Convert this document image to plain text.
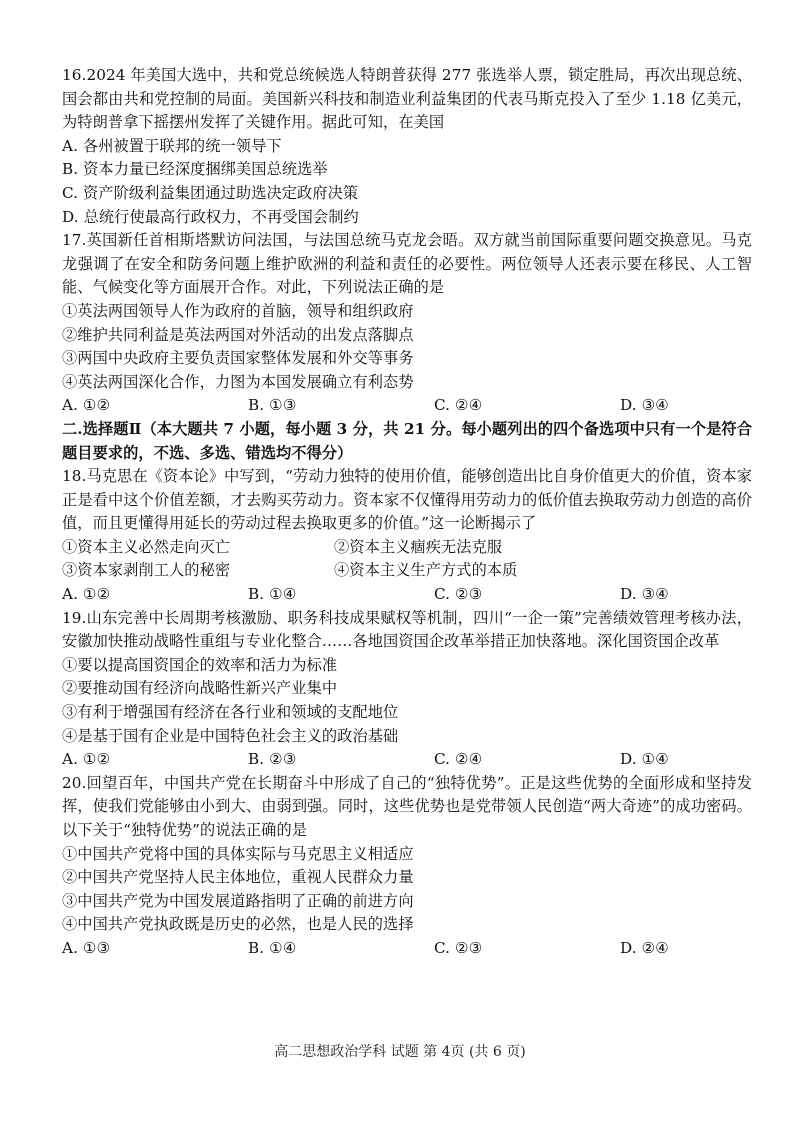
16.2024 年美国大选中，共和党总统候选人特朗普获得 277 张选举人票，锁定胜局，再次出现总统、国会都由共和党控制的局面。美国新兴科技和制造业利益集团的代表马斯克投入了至少 1.18 亿美元，为特朗普拿下摇摆州发挥了关键作用。据此可知，在美国

A. 各州被置于联邦的统一领导下

B. 资本力量已经深度捆绑美国总统选举

C. 资产阶级利益集团通过助选决定政府决策

D. 总统行使最高行政权力，不再受国会制约

17.英国新任首相斯塔默访问法国，与法国总统马克龙会晤。双方就当前国际重要问题交换意见。马克龙强调了在安全和防务问题上维护欧洲的利益和责任的必要性。两位领导人还表示要在移民、人工智能、气候变化等方面展开合作。对此，下列说法正确的是

①英法两国领导人作为政府的首脑，领导和组织政府

②维护共同利益是英法两国对外活动的出发点落脚点

③两国中央政府主要负责国家整体发展和外交等事务

④英法两国深化合作，力图为本国发展确立有利态势

A. ①②	B. ①③	C. ②④	D. ③④

二.选择题Ⅱ（本大题共 7 小题，每小题 3 分，共 21 分。每小题列出的四个备选项中只有一个是符合题目要求的，不选、多选、错选均不得分）

18.马克思在《资本论》中写到，“劳动力独特的使用价值，能够创造出比自身价值更大的价值，资本家正是看中这个价值差额，才去购买劳动力。资本家不仅懂得用劳动力的低价值去换取劳动力创造的高价值，而且更懂得用延长的劳动过程去换取更多的价值。”这一论断揭示了

①资本主义必然走向灭亡	②资本主义痼疾无法克服
③资本家剥削工人的秘密	④资本主义生产方式的本质
A. ①②	B. ①④	C. ②③	D. ③④

19.山东完善中长周期考核激励、职务科技成果赋权等机制，四川“一企一策”完善绩效管理考核办法，安徽加快推动战略性重组与专业化整合……各地国资国企改革举措正加快落地。深化国资国企改革

①要以提高国资国企的效率和活力为标准

②要推动国有经济向战略性新兴产业集中

③有利于增强国有经济在各行业和领域的支配地位

④是基于国有企业是中国特色社会主义的政治基础

A. ①②	B. ②③	C. ②④	D. ①④

20.回望百年，中国共产党在长期奋斗中形成了自己的“独特优势”。正是这些优势的全面形成和坚持发挥，使我们党能够由小到大、由弱到强。同时，这些优势也是党带领人民创造“两大奇迹”的成功密码。以下关于“独特优势”的说法正确的是

①中国共产党将中国的具体实际与马克思主义相适应

②中国共产党坚持人民主体地位，重视人民群众力量

③中国共产党为中国发展道路指明了正确的前进方向

④中国共产党执政既是历史的必然，也是人民的选择

A. ①③	B. ①④	C. ②③	D. ②④
高二思想政治学科 试题 第 4页 (共 6 页)
